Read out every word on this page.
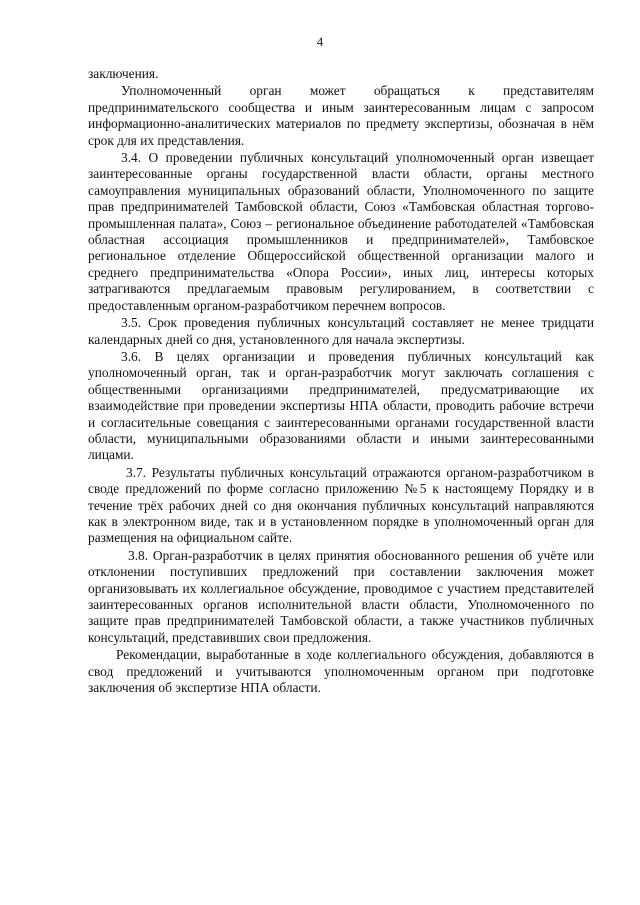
4

заключения.

Уполномоченный орган может обращаться к представителям предпринимательского сообщества и иным заинтересованным лицам с запросом информационно-аналитических материалов по предмету экспертизы, обозначая в нём срок для их представления.

3.4. О проведении публичных консультаций уполномоченный орган извещает заинтересованные органы государственной власти области, органы местного самоуправления муниципальных образований области, Уполномоченного по защите прав предпринимателей Тамбовской области, Союз «Тамбовская областная торгово-промышленная палата», Союз – региональное объединение работодателей «Тамбовская областная ассоциация промышленников и предпринимателей», Тамбовское региональное отделение Общероссийской общественной организации малого и среднего предпринимательства «Опора России», иных лиц, интересы которых затрагиваются предлагаемым правовым регулированием, в соответствии с предоставленным органом-разработчиком перечнем вопросов.

3.5. Срок проведения публичных консультаций составляет не менее тридцати календарных дней со дня, установленного для начала экспертизы.

3.6. В целях организации и проведения публичных консультаций как уполномоченный орган, так и орган-разработчик могут заключать соглашения с общественными организациями предпринимателей, предусматривающие их взаимодействие при проведении экспертизы НПА области, проводить рабочие встречи и согласительные совещания с заинтересованными органами государственной власти области, муниципальными образованиями области и иными заинтересованными лицами.

3.7. Результаты публичных консультаций отражаются органом-разработчиком в своде предложений по форме согласно приложению №5 к настоящему Порядку и в течение трёх рабочих дней со дня окончания публичных консультаций направляются как в электронном виде, так и в установленном порядке в уполномоченный орган для размещения на официальном сайте.

3.8. Орган-разработчик в целях принятия обоснованного решения об учёте или отклонении поступивших предложений при составлении заключения может организовывать их коллегиальное обсуждение, проводимое с участием представителей заинтересованных органов исполнительной власти области, Уполномоченного по защите прав предпринимателей Тамбовской области, а также участников публичных консультаций, представивших свои предложения.

Рекомендации, выработанные в ходе коллегиального обсуждения, добавляются в свод предложений и учитываются уполномоченным органом при подготовке заключения об экспертизе НПА области.
